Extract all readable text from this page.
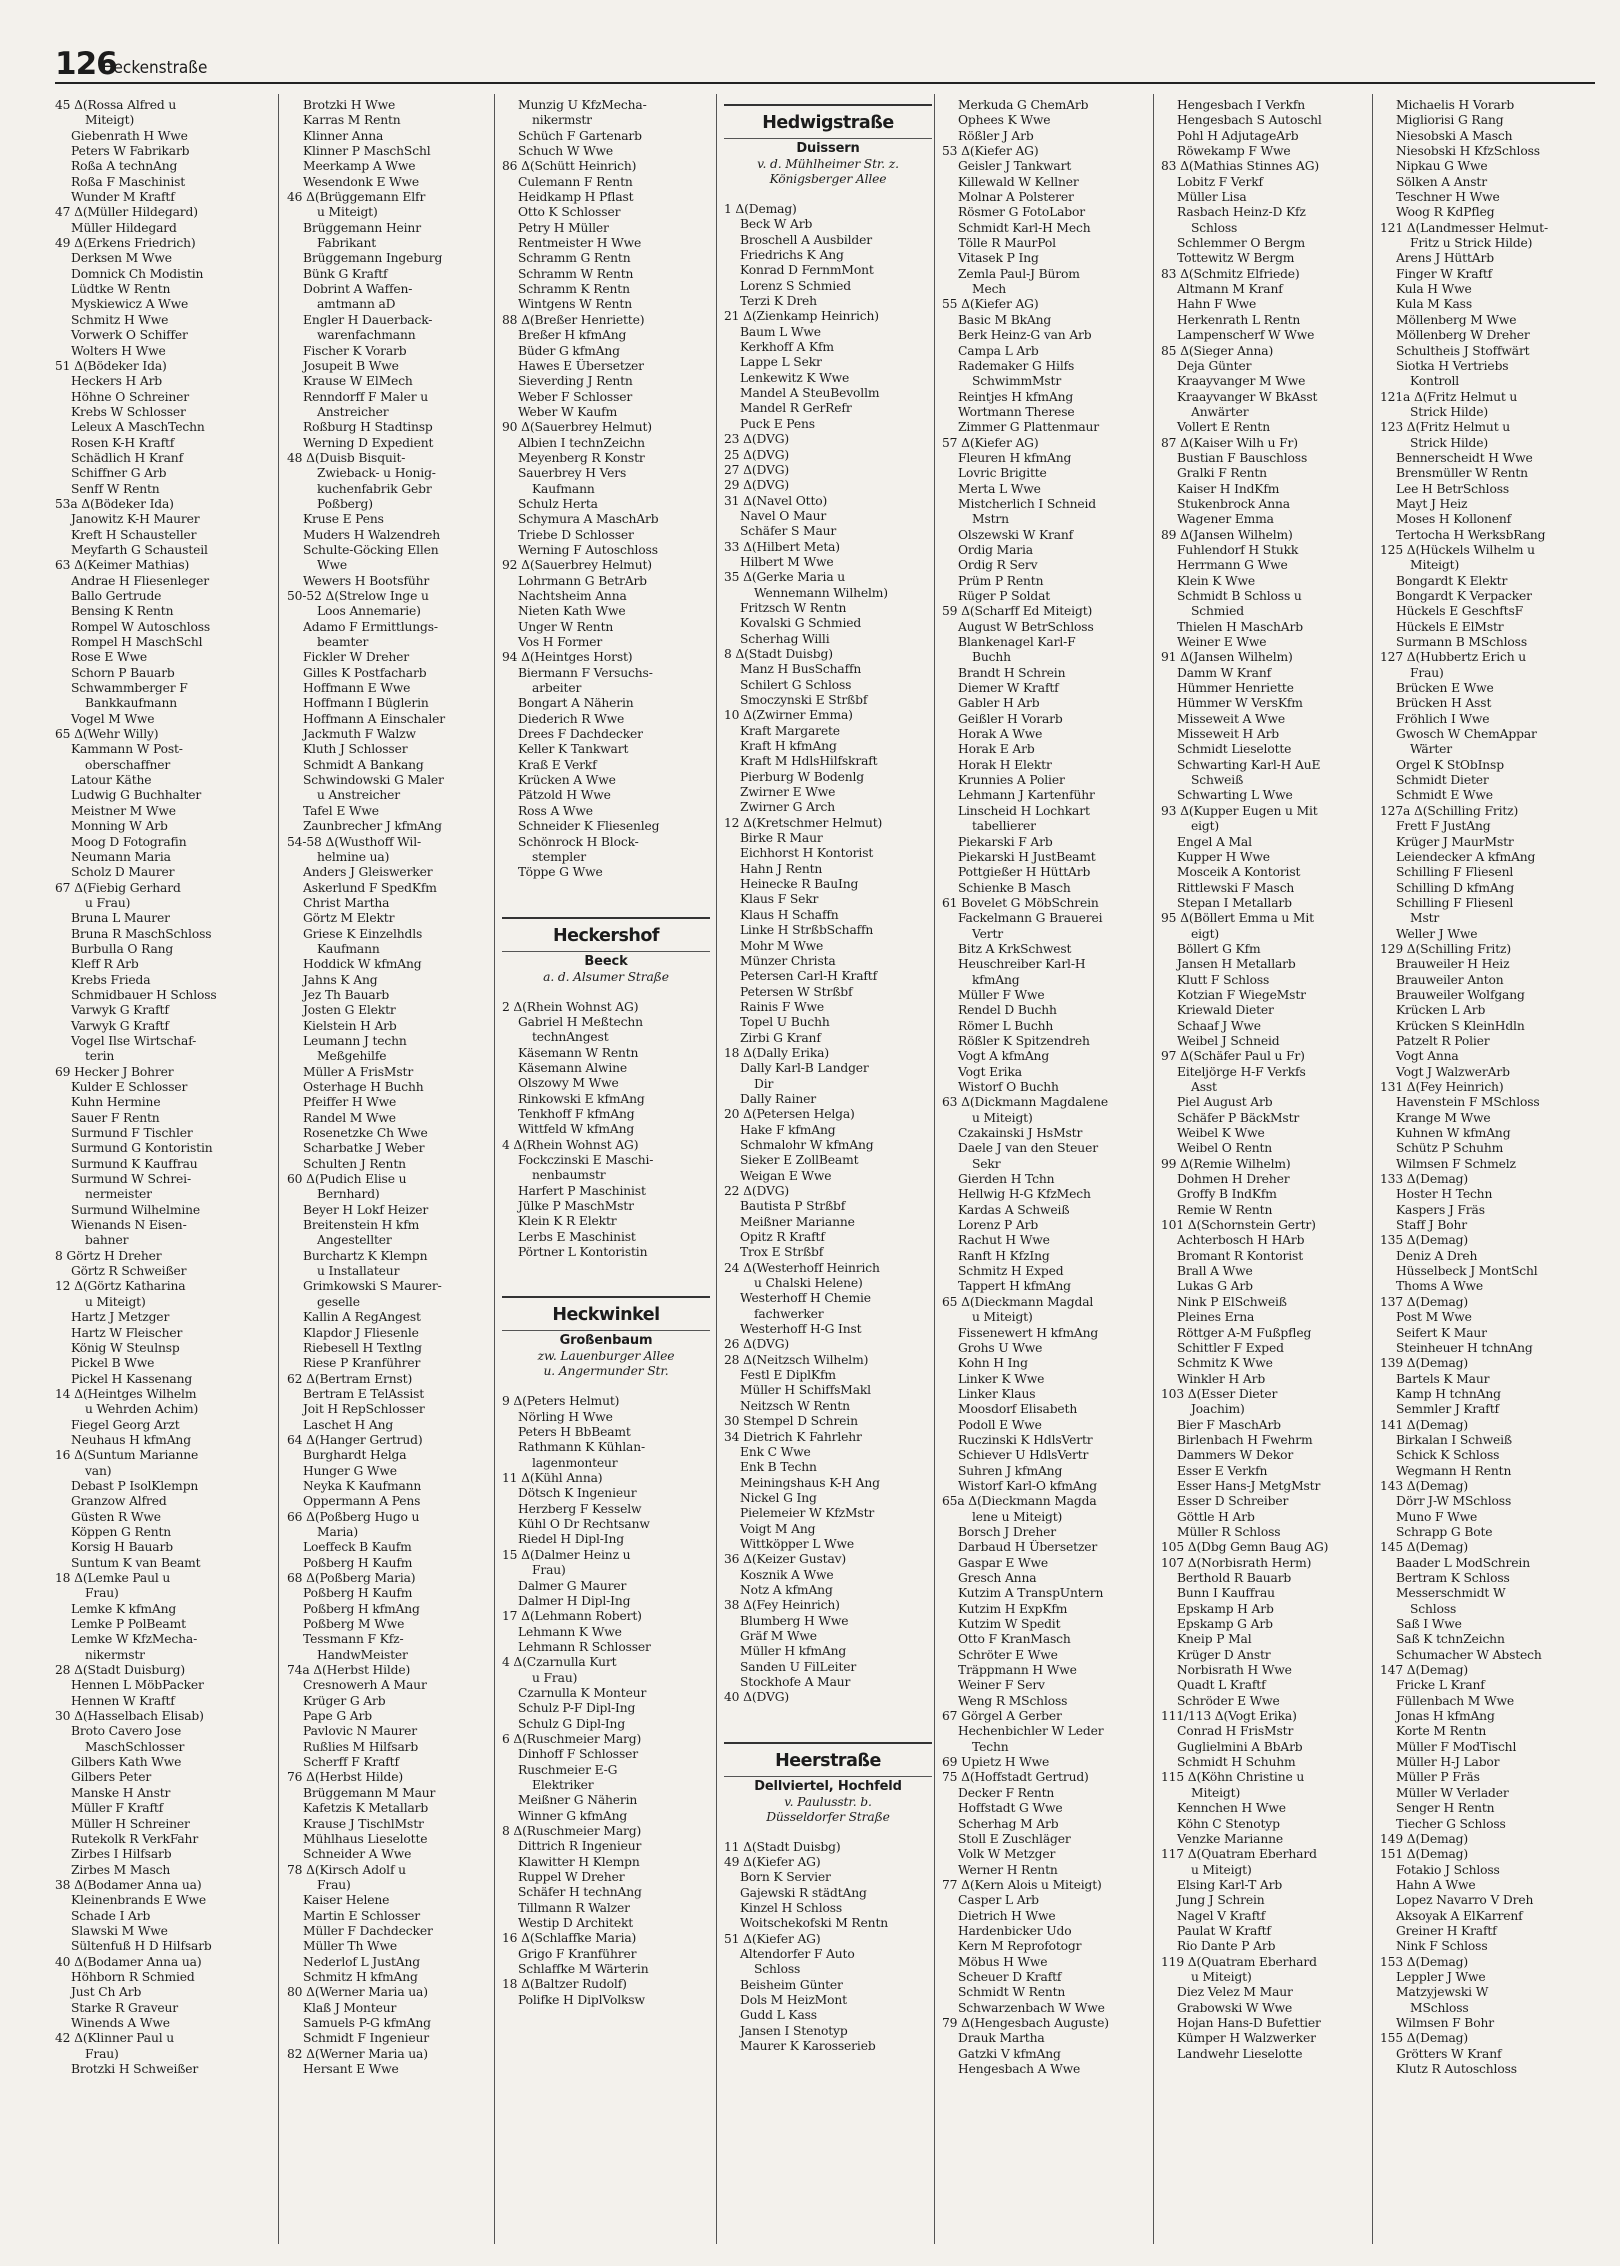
126
Heckenstraße
45 Δ(Rossa Alfred u
Miteigt)
Giebenrath H Wwe
Peters W Fabrikarb
Roßa A technAng
Roßa F Maschinist
Wunder M Kraftf
47 Δ(Müller Hildegard)
Müller Hildegard
49 Δ(Erkens Friedrich)
Derksen M Wwe
Domnick Ch Modistin
Lüdtke W Rentn
Myskiewicz A Wwe
Schmitz H Wwe
Vorwerk O Schiffer
Wolters H Wwe
51 Δ(Bödeker Ida)
Heckers H Arb
Höhne O Schreiner
Krebs W Schlosser
Leleux A MaschTechn
Rosen K-H Kraftf
Schädlich H Kranf
Schiffner G Arb
Senff W Rentn
53a Δ(Bödeker Ida)
Janowitz K-H Maurer
Kreft H Schausteller
Meyfarth G Schausteil
63 Δ(Keimer Mathias)
Andrae H Fliesenleger
Ballo Gertrude
Bensing K Rentn
Rompel W Autoschloss
Rompel H MaschSchl
Rose E Wwe
Schorn P Bauarb
Schwammberger F
Bankkaufmann
Vogel M Wwe
65 Δ(Wehr Willy)
Kammann W Post-
oberschaffner
Latour Käthe
Ludwig G Buchhalter
Meistner M Wwe
Monning W Arb
Moog D Fotografin
Neumann Maria
Scholz D Maurer
67 Δ(Fiebig Gerhard
u Frau)
Bruna L Maurer
Bruna R MaschSchloss
Burbulla O Rang
Kleff R Arb
Krebs Frieda
Schmidbauer H Schloss
Varwyk G Kraftf
Varwyk G Kraftf
Vogel Ilse Wirtschaf-
terin
69 Hecker J Bohrer
Kulder E Schlosser
Kuhn Hermine
Sauer F Rentn
Surmund F Tischler
Surmund G Kontoristin
Surmund K Kauffrau
Surmund W Schrei-
nermeister
Surmund Wilhelmine
Wienands N Eisen-
bahner
8 Görtz H Dreher
Görtz R Schweißer
12 Δ(Görtz Katharina
u Miteigt)
Hartz J Metzger
Hartz W Fleischer
König W Steulnsp
Pickel B Wwe
Pickel H Kassenang
14 Δ(Heintges Wilhelm
u Wehrden Achim)
Fiegel Georg Arzt
Neuhaus H kfmAng
16 Δ(Suntum Marianne
van)
Debast P IsolKlempn
Granzow Alfred
Güsten R Wwe
Köppen G Rentn
Korsig H Bauarb
Suntum K van Beamt
18 Δ(Lemke Paul u
Frau)
Lemke K kfmAng
Lemke P PolBeamt
Lemke W KfzMecha-
nikermstr
28 Δ(Stadt Duisburg)
Hennen L MöbPacker
Hennen W Kraftf
30 Δ(Hasselbach Elisab)
Broto Cavero Jose
MaschSchlosser
Gilbers Kath Wwe
Gilbers Peter
Manske H Anstr
Müller F Kraftf
Müller H Schreiner
Rutekolk R VerkFahr
Zirbes I Hilfsarb
Zirbes M Masch
38 Δ(Bodamer Anna ua)
Kleinenbrands E Wwe
Schade I Arb
Slawski M Wwe
Sültenfuß H D Hilfsarb
40 Δ(Bodamer Anna ua)
Höhborn R Schmied
Just Ch Arb
Starke R Graveur
Winends A Wwe
42 Δ(Klinner Paul u
Frau)
Brotzki H Schweißer
Brotzki H Wwe
Karras M Rentn
Klinner Anna
Klinner P MaschSchl
Meerkamp A Wwe
Wesendonk E Wwe
46 Δ(Brüggemann Elfr
u Miteigt)
Brüggemann Heinr
Fabrikant
Brüggemann Ingeburg
Bünk G Kraftf
Dobrint A Waffen-
amtmann aD
Engler H Dauerback-
warenfachmann
Fischer K Vorarb
Josupeit B Wwe
Krause W ElMech
Renndorff F Maler u
Anstreicher
Roßburg H Stadtinsp
Werning D Expedient
48 Δ(Duisb Bisquit-
Zwieback- u Honig-
kuchenfabrik Gebr
Poßberg)
Kruse E Pens
Muders H Walzendreh
Schulte-Göcking Ellen
Wwe
Wewers H Bootsführ
50-52 Δ(Strelow Inge u
Loos Annemarie)
Adamo F Ermittlungs-
beamter
Fickler W Dreher
Gilles K Postfacharb
Hoffmann E Wwe
Hoffmann I Büglerin
Hoffmann A Einschaler
Jackmuth F Walzw
Kluth J Schlosser
Schmidt A Bankang
Schwindowski G Maler
u Anstreicher
Tafel E Wwe
Zaunbrecher J kfmAng
54-58 Δ(Wusthoff Wil-
helmine ua)
Anders J Gleiswerker
Askerlund F SpedKfm
Christ Martha
Görtz M Elektr
Griese K Einzelhdls
Kaufmann
Hoddick W kfmAng
Jahns K Ang
Jez Th Bauarb
Josten G Elektr
Kielstein H Arb
Leumann J techn
Meßgehilfe
Müller A FrisMstr
Osterhage H Buchh
Pfeiffer H Wwe
Randel M Wwe
Rosenetzke Ch Wwe
Scharbatke J Weber
Schulten J Rentn
60 Δ(Pudich Elise u
Bernhard)
Beyer H Lokf Heizer
Breitenstein H kfm
Angestellter
Burchartz K Klempn
u Installateur
Grimkowski S Maurer-
geselle
Kallin A RegAngest
Klapdor J Fliesenle
Riebesell H Textlng
Riese P Kranführer
62 Δ(Bertram Ernst)
Bertram E TelAssist
Joit H RepSchlosser
Laschet H Ang
64 Δ(Hanger Gertrud)
Burghardt Helga
Hunger G Wwe
Neyka K Kaufmann
Oppermann A Pens
66 Δ(Poßberg Hugo u
Maria)
Loeffeck B Kaufm
Poßberg H Kaufm
68 Δ(Poßberg Maria)
Poßberg H Kaufm
Poßberg H kfmAng
Poßberg M Wwe
Tessmann F Kfz-
HandwMeister
74a Δ(Herbst Hilde)
Cresnowerh A Maur
Krüger G Arb
Pape G Arb
Pavlovic N Maurer
Rußlies M Hilfsarb
Scherff F Kraftf
76 Δ(Herbst Hilde)
Brüggemann M Maur
Kafetzis K Metallarb
Krause J TischlMstr
Mühlhaus Lieselotte
Schneider A Wwe
78 Δ(Kirsch Adolf u
Frau)
Kaiser Helene
Martin E Schlosser
Müller F Dachdecker
Müller Th Wwe
Nederlof L JustAng
Schmitz H kfmAng
80 Δ(Werner Maria ua)
Klaß J Monteur
Samuels P-G kfmAng
Schmidt F Ingenieur
82 Δ(Werner Maria ua)
Hersant E Wwe
Munzig U KfzMecha-
nikermstr
Schüch F Gartenarb
Schuch W Wwe
86 Δ(Schütt Heinrich)
Culemann F Rentn
Heidkamp H Pflast
Otto K Schlosser
Petry H Müller
Rentmeister H Wwe
Schramm G Rentn
Schramm W Rentn
Schramm K Rentn
Wintgens W Rentn
88 Δ(Breßer Henriette)
Breßer H kfmAng
Büder G kfmAng
Hawes E Übersetzer
Sieverding J Rentn
Weber F Schlosser
Weber W Kaufm
90 Δ(Sauerbrey Helmut)
Albien I technZeichn
Meyenberg R Konstr
Sauerbrey H Vers
Kaufmann
Schulz Herta
Schymura A MaschArb
Triebe D Schlosser
Werning F Autoschloss
92 Δ(Sauerbrey Helmut)
Lohrmann G BetrArb
Nachtsheim Anna
Nieten Kath Wwe
Unger W Rentn
Vos H Former
94 Δ(Heintges Horst)
Biermann F Versuchs-
arbeiter
Bongart A Näherin
Diederich R Wwe
Drees F Dachdecker
Keller K Tankwart
Kraß E Verkf
Krücken A Wwe
Pätzold H Wwe
Ross A Wwe
Schneider K Fliesenleg
Schönrock H Block-
stempler
Töppe G Wwe
Heckershof
Beeck
a. d. Alsumer Straße
2 Δ(Rhein Wohnst AG)
Gabriel H Meßtechn
technAngest
Käsemann W Rentn
Käsemann Alwine
Olszowy M Wwe
Rinkowski E kfmAng
Tenkhoff F kfmAng
Wittfeld W kfmAng
4 Δ(Rhein Wohnst AG)
Fockczinski E Maschi-
nenbaumstr
Harfert P Maschinist
Jülke P MaschMstr
Klein K R Elektr
Lerbs E Maschinist
Pörtner L Kontoristin
Heckwinkel
Großenbaum
zw. Lauenburger Allee
u. Angermunder Str.
9 Δ(Peters Helmut)
Nörling H Wwe
Peters H BbBeamt
Rathmann K Kühlan-
lagenmonteur
11 Δ(Kühl Anna)
Dötsch K Ingenieur
Herzberg F Kesselw
Kühl O Dr Rechtsanw
Riedel H Dipl-Ing
15 Δ(Dalmer Heinz u
Frau)
Dalmer G Maurer
Dalmer H Dipl-Ing
17 Δ(Lehmann Robert)
Lehmann K Wwe
Lehmann R Schlosser
4 Δ(Czarnulla Kurt
u Frau)
Czarnulla K Monteur
Schulz P-F Dipl-Ing
Schulz G Dipl-Ing
6 Δ(Ruschmeier Marg)
Dinhoff F Schlosser
Ruschmeier E-G
Elektriker
Meißner G Näherin
Winner G kfmAng
8 Δ(Ruschmeier Marg)
Dittrich R Ingenieur
Klawitter H Klempn
Ruppel W Dreher
Schäfer H technAng
Tillmann R Walzer
Westip D Architekt
16 Δ(Schlaffke Maria)
Grigo F Kranführer
Schlaffke M Wärterin
18 Δ(Baltzer Rudolf)
Polifke H DiplVolksw
Hedwigstraße
Duissern
v. d. Mühlheimer Str. z.
Königsberger Allee
1 Δ(Demag)
Beck W Arb
Broschell A Ausbilder
Friedrichs K Ang
Konrad D FernmMont
Lorenz S Schmied
Terzi K Dreh
21 Δ(Zienkamp Heinrich)
Baum L Wwe
Kerkhoff A Kfm
Lappe L Sekr
Lenkewitz K Wwe
Mandel A SteuBevollm
Mandel R GerRefr
Puck E Pens
23 Δ(DVG)
25 Δ(DVG)
27 Δ(DVG)
29 Δ(DVG)
31 Δ(Navel Otto)
Navel O Maur
Schäfer S Maur
33 Δ(Hilbert Meta)
Hilbert M Wwe
35 Δ(Gerke Maria u
Wennemann Wilhelm)
Fritzsch W Rentn
Kovalski G Schmied
Scherhag Willi
8 Δ(Stadt Duisbg)
Manz H BusSchaffn
Schilert G Schloss
Smoczynski E Strßbf
10 Δ(Zwirner Emma)
Kraft Margarete
Kraft H kfmAng
Kraft M HdlsHilfskraft
Pierburg W Bodenlg
Zwirner E Wwe
Zwirner G Arch
12 Δ(Kretschmer Helmut)
Birke R Maur
Eichhorst H Kontorist
Hahn J Rentn
Heinecke R BauIng
Klaus F Sekr
Klaus H Schaffn
Linke H StrßbSchaffn
Mohr M Wwe
Münzer Christa
Petersen Carl-H Kraftf
Petersen W Strßbf
Rainis F Wwe
Topel U Buchh
Zirbi G Kranf
18 Δ(Dally Erika)
Dally Karl-B Landger
Dir
Dally Rainer
20 Δ(Petersen Helga)
Hake F kfmAng
Schmalohr W kfmAng
Sieker E ZollBeamt
Weigan E Wwe
22 Δ(DVG)
Bautista P Strßbf
Meißner Marianne
Opitz R Kraftf
Trox E Strßbf
24 Δ(Westerhoff Heinrich
u Chalski Helene)
Westerhoff H Chemie
fachwerker
Westerhoff H-G Inst
26 Δ(DVG)
28 Δ(Neitzsch Wilhelm)
Festl E DiplKfm
Müller H SchiffsMakl
Neitzsch W Rentn
30 Stempel D Schrein
34 Dietrich K Fahrlehr
Enk C Wwe
Enk B Techn
Meiningshaus K-H Ang
Nickel G Ing
Pielemeier W KfzMstr
Voigt M Ang
Wittköpper L Wwe
36 Δ(Keizer Gustav)
Kosznik A Wwe
Notz A kfmAng
38 Δ(Fey Heinrich)
Blumberg H Wwe
Gräf M Wwe
Müller H kfmAng
Sanden U FilLeiter
Stockhofe A Maur
40 Δ(DVG)
Heerstraße
Dellviertel, Hochfeld
v. Paulusstr. b.
Düsseldorfer Straße
11 Δ(Stadt Duisbg)
49 Δ(Kiefer AG)
Born K Servier
Gajewski R städtAng
Kinzel H Schloss
Woitschekofski M Rentn
51 Δ(Kiefer AG)
Altendorfer F Auto
Schloss
Beisheim Günter
Dols M HeizMont
Gudd L Kass
Jansen I Stenotyp
Maurer K Karosserieb
Merkuda G ChemArb
Ophees K Wwe
Rößler J Arb
53 Δ(Kiefer AG)
Geisler J Tankwart
Killewald W Kellner
Molnar A Polsterer
Rösmer G FotoLabor
Schmidt Karl-H Mech
Tölle R MaurPol
Vitasek P Ing
Zemla Paul-J Bürom
Mech
55 Δ(Kiefer AG)
Basic M BkAng
Berk Heinz-G van Arb
Campa L Arb
Rademaker G Hilfs
SchwimmMstr
Reintjes H kfmAng
Wortmann Therese
Zimmer G Plattenmaur
57 Δ(Kiefer AG)
Fleuren H kfmAng
Lovric Brigitte
Merta L Wwe
Mistcherlich I Schneid
Mstrn
Olszewski W Kranf
Ordig Maria
Ordig R Serv
Prüm P Rentn
Rüger P Soldat
59 Δ(Scharff Ed Miteigt)
August W BetrSchloss
Blankenagel Karl-F
Buchh
Brandt H Schrein
Diemer W Kraftf
Gabler H Arb
Geißler H Vorarb
Horak A Wwe
Horak E Arb
Horak H Elektr
Krunnies A Polier
Lehmann J Kartenführ
Linscheid H Lochkart
tabellierer
Piekarski F Arb
Piekarski H JustBeamt
Pottgießer H HüttArb
Schienke B Masch
61 Bovelet G MöbSchrein
Fackelmann G Brauerei
Vertr
Bitz A KrkSchwest
Heuschreiber Karl-H
kfmAng
Müller F Wwe
Rendel D Buchh
Römer L Buchh
Rößler K Spitzendreh
Vogt A kfmAng
Vogt Erika
Wistorf O Buchh
63 Δ(Dickmann Magdalene
u Miteigt)
Czakainski J HsMstr
Daele J van den Steuer
Sekr
Gierden H Tchn
Hellwig H-G KfzMech
Kardas A Schweiß
Lorenz P Arb
Rachut H Wwe
Ranft H KfzIng
Schmitz H Exped
Tappert H kfmAng
65 Δ(Dieckmann Magdal
u Miteigt)
Fissenewert H kfmAng
Grohs U Wwe
Kohn H Ing
Linker K Wwe
Linker Klaus
Moosdorf Elisabeth
Podoll E Wwe
Ruczinski K HdlsVertr
Schiever U HdlsVertr
Suhren J kfmAng
Wistorf Karl-O kfmAng
65a Δ(Dieckmann Magda
lene u Miteigt)
Borsch J Dreher
Darbaud H Übersetzer
Gaspar E Wwe
Gresch Anna
Kutzim A TranspUntern
Kutzim H ExpKfm
Kutzim W Spedit
Otto F KranMasch
Schröter E Wwe
Träppmann H Wwe
Weiner F Serv
Weng R MSchloss
67 Görgel A Gerber
Hechenbichler W Leder
Techn
69 Upietz H Wwe
75 Δ(Hoffstadt Gertrud)
Decker F Rentn
Hoffstadt G Wwe
Scherhag M Arb
Stoll E Zuschläger
Volk W Metzger
Werner H Rentn
77 Δ(Kern Alois u Miteigt)
Casper L Arb
Dietrich H Wwe
Hardenbicker Udo
Kern M Reprofotogr
Möbus H Wwe
Scheuer D Kraftf
Schmidt W Rentn
Schwarzenbach W Wwe
79 Δ(Hengesbach Auguste)
Drauk Martha
Gatzki V kfmAng
Hengesbach A Wwe
Hengesbach I Verkfn
Hengesbach S Autoschl
Pohl H AdjutageArb
Röwekamp F Wwe
83 Δ(Mathias Stinnes AG)
Lobitz F Verkf
Müller Lisa
Rasbach Heinz-D Kfz
Schloss
Schlemmer O Bergm
Tottewitz W Bergm
83 Δ(Schmitz Elfriede)
Altmann M Kranf
Hahn F Wwe
Herkenrath L Rentn
Lampenscherf W Wwe
85 Δ(Sieger Anna)
Deja Günter
Kraayvanger M Wwe
Kraayvanger W BkAsst
Anwärter
Vollert E Rentn
87 Δ(Kaiser Wilh u Fr)
Bustian F Bauschloss
Gralki F Rentn
Kaiser H IndKfm
Stukenbrock Anna
Wagener Emma
89 Δ(Jansen Wilhelm)
Fuhlendorf H Stukk
Herrmann G Wwe
Klein K Wwe
Schmidt B Schloss u
Schmied
Thielen H MaschArb
Weiner E Wwe
91 Δ(Jansen Wilhelm)
Damm W Kranf
Hümmer Henriette
Hümmer W VersKfm
Misseweit A Wwe
Misseweit H Arb
Schmidt Lieselotte
Schwarting Karl-H AuE
Schweiß
Schwarting L Wwe
93 Δ(Kupper Eugen u Mit
eigt)
Engel A Mal
Kupper H Wwe
Mosceik A Kontorist
Rittlewski F Masch
Stepan I Metallarb
95 Δ(Böllert Emma u Mit
eigt)
Böllert G Kfm
Jansen H Metallarb
Klutt F Schloss
Kotzian F WiegeMstr
Kriewald Dieter
Schaaf J Wwe
Weibel J Schneid
97 Δ(Schäfer Paul u Fr)
Eiteljörge H-F Verkfs
Asst
Piel August Arb
Schäfer P BäckMstr
Weibel K Wwe
Weibel O Rentn
99 Δ(Remie Wilhelm)
Dohmen H Dreher
Groffy B IndKfm
Remie W Rentn
101 Δ(Schornstein Gertr)
Achterbosch H HArb
Bromant R Kontorist
Brall A Wwe
Lukas G Arb
Nink P ElSchweiß
Pleines Erna
Röttger A-M Fußpfleg
Schittler F Exped
Schmitz K Wwe
Winkler H Arb
103 Δ(Esser Dieter
Joachim)
Bier F MaschArb
Birlenbach H Fwehrm
Dammers W Dekor
Esser E Verkfn
Esser Hans-J MetgMstr
Esser D Schreiber
Göttle H Arb
Müller R Schloss
105 Δ(Dbg Gemn Baug AG)
107 Δ(Norbisrath Herm)
Berthold R Bauarb
Bunn I Kauffrau
Epskamp H Arb
Epskamp G Arb
Kneip P Mal
Krüger D Anstr
Norbisrath H Wwe
Quadt L Kraftf
Schröder E Wwe
111/113 Δ(Vogt Erika)
Conrad H FrisMstr
Guglielmini A BbArb
Schmidt H Schuhm
115 Δ(Köhn Christine u
Miteigt)
Kennchen H Wwe
Köhn C Stenotyp
Venzke Marianne
117 Δ(Quatram Eberhard
u Miteigt)
Elsing Karl-T Arb
Jung J Schrein
Nagel V Kraftf
Paulat W Kraftf
Rio Dante P Arb
119 Δ(Quatram Eberhard
u Miteigt)
Diez Velez M Maur
Grabowski W Wwe
Hojan Hans-D Bufettier
Kümper H Walzwerker
Landwehr Lieselotte
Michaelis H Vorarb
Migliorisi G Rang
Niesobski A Masch
Niesobski H KfzSchloss
Nipkau G Wwe
Sölken A Anstr
Teschner H Wwe
Woog R KdPfleg
121 Δ(Landmesser Helmut-
Fritz u Strick Hilde)
Arens J HüttArb
Finger W Kraftf
Kula H Wwe
Kula M Kass
Möllenberg M Wwe
Möllenberg W Dreher
Schultheis J Stoffwärt
Siotka H Vertriebs
Kontroll
121a Δ(Fritz Helmut u
Strick Hilde)
123 Δ(Fritz Helmut u
Strick Hilde)
Bennerscheidt H Wwe
Brensmüller W Rentn
Lee H BetrSchloss
Mayt J Heiz
Moses H Kollonenf
Tertocha H WerksbRang
125 Δ(Hückels Wilhelm u
Miteigt)
Bongardt K Elektr
Bongardt K Verpacker
Hückels E GeschftsF
Hückels E ElMstr
Surmann B MSchloss
127 Δ(Hubbertz Erich u
Frau)
Brücken E Wwe
Brücken H Asst
Fröhlich I Wwe
Gwosch W ChemAppar
Wärter
Orgel K StObInsp
Schmidt Dieter
Schmidt E Wwe
127a Δ(Schilling Fritz)
Frett F JustAng
Krüger J MaurMstr
Leiendecker A kfmAng
Schilling F Fliesenl
Schilling D kfmAng
Schilling F Fliesenl
Mstr
Weller J Wwe
129 Δ(Schilling Fritz)
Brauweiler H Heiz
Brauweiler Anton
Brauweiler Wolfgang
Krücken L Arb
Krücken S KleinHdln
Patzelt R Polier
Vogt Anna
Vogt J WalzwerArb
131 Δ(Fey Heinrich)
Havenstein F MSchloss
Krange M Wwe
Kuhnen W kfmAng
Schütz P Schuhm
Wilmsen F Schmelz
133 Δ(Demag)
Hoster H Techn
Kaspers J Fräs
Staff J Bohr
135 Δ(Demag)
Deniz A Dreh
Hüsselbeck J MontSchl
Thoms A Wwe
137 Δ(Demag)
Post M Wwe
Seifert K Maur
Steinheuer H tchnAng
139 Δ(Demag)
Bartels K Maur
Kamp H tchnAng
Semmler J Kraftf
141 Δ(Demag)
Birkalan I Schweiß
Schick K Schloss
Wegmann H Rentn
143 Δ(Demag)
Dörr J-W MSchloss
Muno F Wwe
Schrapp G Bote
145 Δ(Demag)
Baader L ModSchrein
Bertram K Schloss
Messerschmidt W
Schloss
Saß I Wwe
Saß K tchnZeichn
Schumacher W Abstech
147 Δ(Demag)
Fricke L Kranf
Füllenbach M Wwe
Jonas H kfmAng
Korte M Rentn
Müller F ModTischl
Müller H-J Labor
Müller P Fräs
Müller W Verlader
Senger H Rentn
Tiecher G Schloss
149 Δ(Demag)
151 Δ(Demag)
Fotakio J Schloss
Hahn A Wwe
Lopez Navarro V Dreh
Aksoyak A ElKarrenf
Greiner H Kraftf
Nink F Schloss
153 Δ(Demag)
Leppler J Wwe
Matzyjewski W
MSchloss
Wilmsen F Bohr
155 Δ(Demag)
Grötters W Kranf
Klutz R Autoschloss
